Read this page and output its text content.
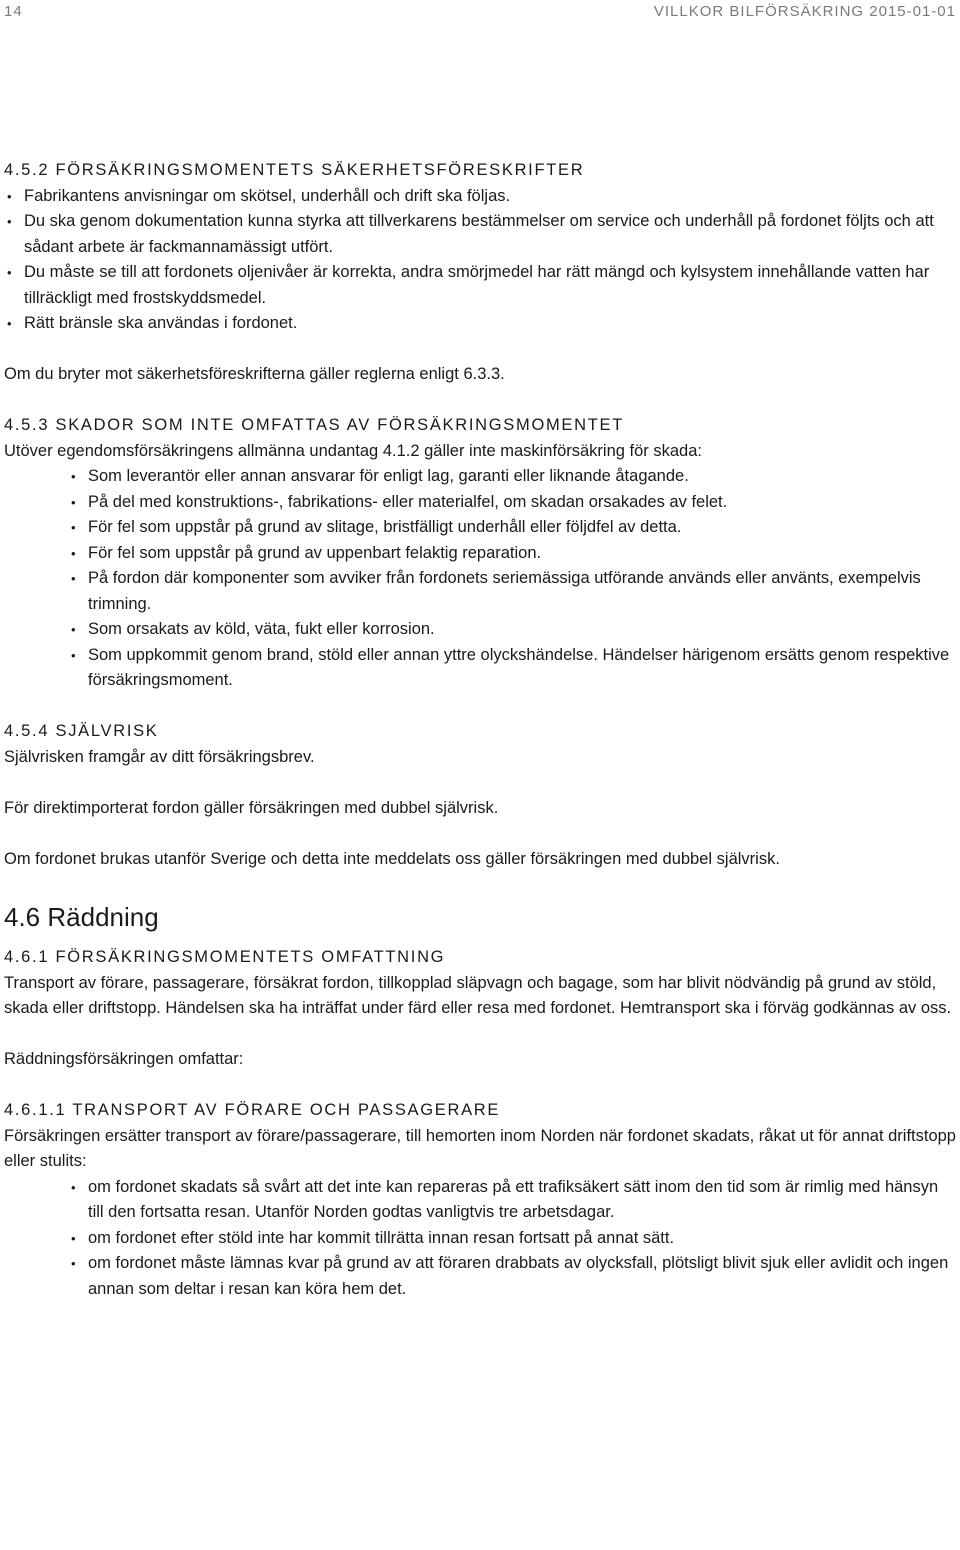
14	VILLKOR BILFÖRSÄKRING 2015-01-01
4.5.2 FÖRSÄKRINGSMOMENTETS SÄKERHETSFÖRESKRIFTER
• Fabrikantens anvisningar om skötsel, underhåll och drift ska följas.
• Du ska genom dokumentation kunna styrka att tillverkarens bestämmelser om service och underhåll på fordonet följts och att sådant arbete är fackmannamässigt utfört.
• Du måste se till att fordonets oljenivåer är korrekta, andra smörjmedel har rätt mängd och kylsystem innehållande vatten har tillräckligt med frostskyddsmedel.
• Rätt bränsle ska användas i fordonet.

Om du bryter mot säkerhetsföreskrifterna gäller reglerna enligt 6.3.3.

4.5.3 SKADOR SOM INTE OMFATTAS AV FÖRSÄKRINGSMOMENTET

Utöver egendomsförsäkringens allmänna undantag 4.1.2 gäller inte maskinförsäkring för skada:

• Som leverantör eller annan ansvarar för enligt lag, garanti eller liknande åtagande.
• På del med konstruktions-, fabrikations- eller materialfel, om skadan orsakades av felet.
• För fel som uppstår på grund av slitage, bristfälligt underhåll eller följdfel av detta.
• För fel som uppstår på grund av uppenbart felaktig reparation.
• På fordon där komponenter som avviker från fordonets seriemässiga utförande används eller använts, exempelvis trimning.
• Som orsakats av köld, väta, fukt eller korrosion.
• Som uppkommit genom brand, stöld eller annan yttre olyckshändelse. Händelser härigenom ersätts genom respektive försäkringsmoment.
4.5.4 SJÄLVRISK

Självrisken framgår av ditt försäkringsbrev.

För direktimporterat fordon gäller försäkringen med dubbel självrisk.

Om fordonet brukas utanför Sverige och detta inte meddelats oss gäller försäkringen med dubbel självrisk.

4.6 Räddning
4.6.1 FÖRSÄKRINGSMOMENTETS OMFATTNING

Transport av förare, passagerare, försäkrat fordon, tillkopplad släpvagn och bagage, som har blivit nödvändig på grund av stöld, skada eller driftstopp. Händelsen ska ha inträffat under färd eller resa med fordonet. Hemtransport ska i förväg godkännas av oss.

Räddningsförsäkringen omfattar:

4.6.1.1 TRANSPORT AV FÖRARE OCH PASSAGERARE

Försäkringen ersätter transport av förare/passagerare, till hemorten inom Norden när fordonet skadats, råkat ut för annat driftstopp eller stulits:

• om fordonet skadats så svårt att det inte kan repareras på ett trafiksäkert sätt inom den tid som är rimlig med hänsyn till den fortsatta resan. Utanför Norden godtas vanligtvis tre arbetsdagar.
• om fordonet efter stöld inte har kommit tillrätta innan resan fortsatt på annat sätt.
• om fordonet måste lämnas kvar på grund av att föraren drabbats av olycksfall, plötsligt blivit sjuk eller avlidit och ingen annan som deltar i resan kan köra hem det.
